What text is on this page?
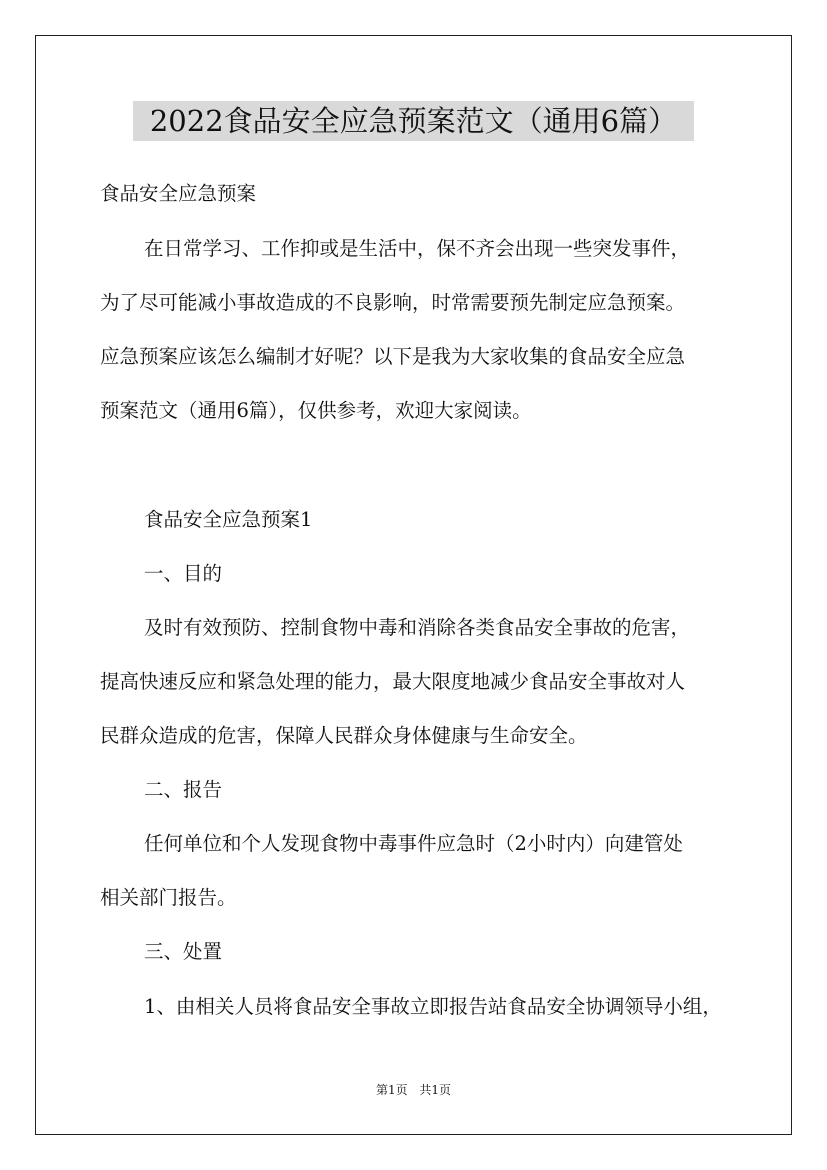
2022食品安全应急预案范文（通用6篇）

食品安全应急预案

在日常学习、工作抑或是生活中，保不齐会出现一些突发事件，

为了尽可能减小事故造成的不良影响，时常需要预先制定应急预案。

应急预案应该怎么编制才好呢？以下是我为大家收集的食品安全应急

预案范文（通用6篇），仅供参考，欢迎大家阅读。

食品安全应急预案1

一、目的

及时有效预防、控制食物中毒和消除各类食品安全事故的危害，

提高快速反应和紧急处理的能力，最大限度地减少食品安全事故对人

民群众造成的危害，保障人民群众身体健康与生命安全。

二、报告

任何单位和个人发现食物中毒事件应急时（2小时内）向建管处

相关部门报告。

三、处置

1、由相关人员将食品安全事故立即报告站食品安全协调领导小组，

第1页 共1页
